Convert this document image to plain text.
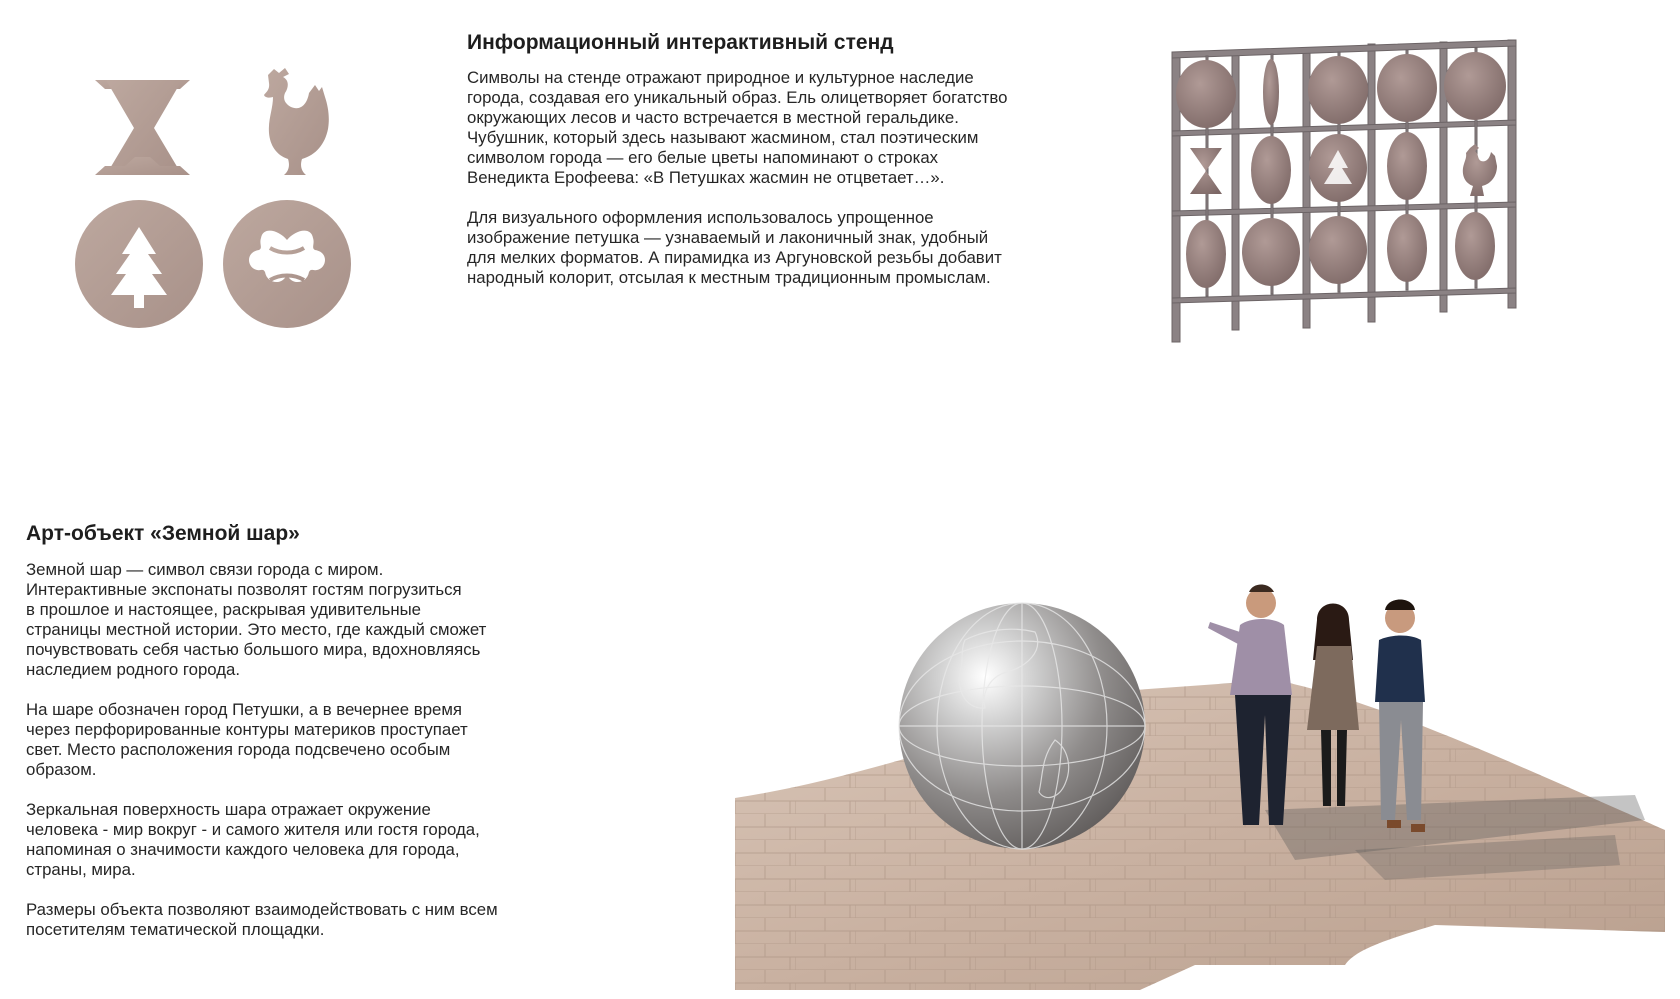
Информационный интерактивный стенд

Символы на стенде отражают природное и культурное наследие
города, создавая его уникальный образ. Ель олицетворяет богатство
окружающих лесов и часто встречается в местной геральдике.
Чубушник, который здесь называют жасмином, стал поэтическим
символом города — его белые цветы напоминают о строках
Венедикта Ерофеева: «В Петушках жасмин не отцветает…».

Для визуального оформления использовалось упрощенное
изображение петушка — узнаваемый и лаконичный знак, удобный
для мелких форматов. А пирамидка из Аргуновской резьбы добавит
народный колорит, отсылая к местным традиционным промыслам.

Арт-объект «Земной шар»

Земной шар — символ связи города с миром.
Интерактивные экспонаты позволят гостям погрузиться
в прошлое и настоящее, раскрывая удивительные
страницы местной истории. Это место, где каждый сможет
почувствовать себя частью большого мира, вдохновляясь
наследием родного города.

На шаре обозначен город Петушки, а в вечернее время
через перфорированные контуры материков проступает
свет. Место расположения города подсвечено особым
образом.

Зеркальная поверхность шара отражает окружение
человека - мир вокруг - и самого жителя или гостя города,
напоминая о значимости каждого человека для города,
страны, мира.

Размеры объекта позволяют взаимодействовать с ним всем
посетителям тематической площадки.
